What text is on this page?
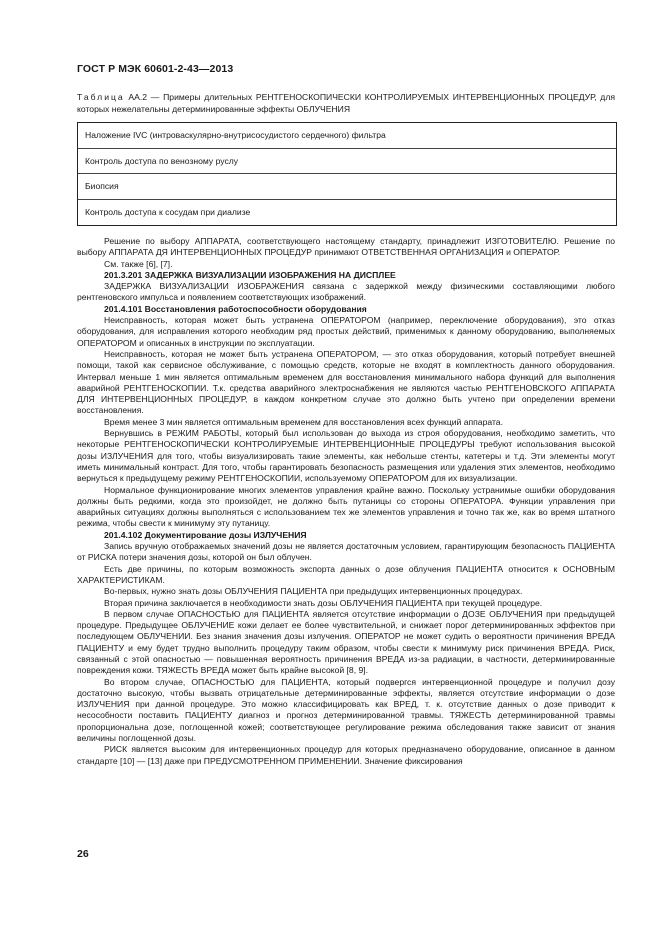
ГОСТ Р МЭК 60601-2-43—2013
Таблица АА.2 — Примеры длительных РЕНТГЕНОСКОПИЧЕСКИ КОНТРОЛИРУЕМЫХ ИНТЕРВЕНЦИОННЫХ ПРОЦЕДУР, для которых нежелательны детерминированные эффекты ОБЛУЧЕНИЯ
Наложение IVC (интроваскулярно-внутрисосудистого сердечного) фильтра
Контроль доступа по венозному руслу
Биопсия
Контроль доступа к сосудам при диализе

Решение по выбору АППАРАТА, соответствующего настоящему стандарту, принадлежит ИЗГОТОВИТЕЛЮ. Решение по выбору АППАРАТА ДЯ ИНТЕРВЕНЦИОННЫХ ПРОЦЕДУР принимают ОТВЕТСТВЕННАЯ ОРГАНИЗАЦИЯ и ОПЕРАТОР.

См. также [6], [7].

201.3.201 ЗАДЕРЖКА ВИЗУАЛИЗАЦИИ ИЗОБРАЖЕНИЯ НА ДИСПЛЕЕ

ЗАДЕРЖКА ВИЗУАЛИЗАЦИИ ИЗОБРАЖЕНИЯ связана с задержкой между физическими составляющими любого рентгеновского импульса и появлением соответствующих изображений.

201.4.101 Восстановления работоспособности оборудования

Неисправность, которая может быть устранена ОПЕРАТОРОМ (например, переключение оборудования), это отказ оборудования, для исправления которого необходим ряд простых действий, применимых к данному оборудованию, выполняемых ОПЕРАТОРОМ и описанных в инструкции по эксплуатации.

Неисправность, которая не может быть устранена ОПЕРАТОРОМ, — это отказ оборудования, который потребует внешней помощи, такой как сервисное обслуживание, с помощью средств, которые не входят в комплектность данного оборудования. Интервал меньше 1 мин является оптимальным временем для восстановления минимального набора функций для выполнения аварийной РЕНТГЕНОСКОПИИ. Т.к. средства аварийного электроснабжения не являются частью РЕНТГЕНОВСКОГО АППАРАТА ДЛЯ ИНТЕРВЕНЦИОННЫХ ПРОЦЕДУР, в каждом конкретном случае это должно быть учтено при определении времени восстановления.

Время менее 3 мин является оптимальным временем для восстановления всех функций аппарата.

Вернувшись в РЕЖИМ РАБОТЫ, который был использован до выхода из строя оборудования, необходимо заметить, что некоторые РЕНТГЕНОСКОПИЧЕСКИ КОНТРОЛИРУЕМЫЕ ИНТЕРВЕНЦИОННЫЕ ПРОЦЕДУРЫ требуют использования высокой дозы ИЗЛУЧЕНИЯ для того, чтобы визуализировать такие элементы, как небольше стенты, катетеры и т.д. Эти элементы могут иметь минимальный контраст. Для того, чтобы гарантировать безопасность размещения или удаления этих элементов, необходимо вернуться к предыдущему режиму РЕНТГЕНОСКОПИИ, используемому ОПЕРАТОРОМ для их визуализации.

Нормальное функционирование многих элементов управления крайне важно. Поскольку устранимые ошибки оборудования должны быть редкими, когда это произойдет, не должно быть путаницы со стороны ОПЕРАТОРА. Функции управления при аварийных ситуациях должны выполняться с использованием тех же элементов управления и точно так же, как во время штатного режима, чтобы свести к минимуму эту путаницу.

201.4.102 Документирование дозы ИЗЛУЧЕНИЯ

Запись вручную отображаемых значений дозы не является достаточным условием, гарантирующим безопасность ПАЦИЕНТА от РИСКА потери значения дозы, которой он был облучен.

Есть две причины, по которым возможность экспорта данных о дозе облучения ПАЦИЕНТА относится к ОСНОВНЫМ ХАРАКТЕРИСТИКАМ.

Во-первых, нужно знать дозы ОБЛУЧЕНИЯ ПАЦИЕНТА при предыдущих интервенционных процедурах.

Вторая причина заключается в необходимости знать дозы ОБЛУЧЕНИЯ ПАЦИЕНТА при текущей процедуре.

В первом случае ОПАСНОСТЬЮ для ПАЦИЕНТА является отсутствие информации о ДОЗЕ ОБЛУЧЕНИЯ при предыдущей процедуре. Предыдущее ОБЛУЧЕНИЕ кожи делает ее более чувствительной, и снижает порог детерминированных эффектов при последующем ОБЛУЧЕНИИ. Без знания значения дозы излучения. ОПЕРАТОР не может судить о вероятности причинения ВРЕДА ПАЦИЕНТУ и ему будет трудно выполнить процедуру таким образом, чтобы свести к минимуму риск причинения ВРЕДА. Риск, связанный с этой опасностью — повышенная вероятность причинения ВРЕДА из-за радиации, в частности, детерминированные повреждения кожи. ТЯЖЕСТЬ ВРЕДА может быть крайне высокой [8, 9].

Во втором случае, ОПАСНОСТЬЮ для ПАЦИЕНТА, который подвергся интервенционной процедуре и получил дозу достаточно высокую, чтобы вызвать отрицательные детерминированные эффекты, является отсутствие информации о дозе ИЗЛУЧЕНИЯ при данной процедуре. Это можно классифицировать как ВРЕД, т. к. отсутствие данных о дозе приводит к несособности поставить ПАЦИЕНТУ диагноз и прогноз детерминированной травмы. ТЯЖЕСТЬ детерминированной травмы пропорциональна дозе, поглощенной кожей; соответствующее регулирование режима обследования также зависит от знания величины поглощенной дозы.

РИСК является высоким для интервенционных процедур для которых предназначено оборудование, описанное в данном стандарте [10] — [13] даже при ПРЕДУСМОТРЕННОМ ПРИМЕНЕНИИ. Значение фиксирования

26
